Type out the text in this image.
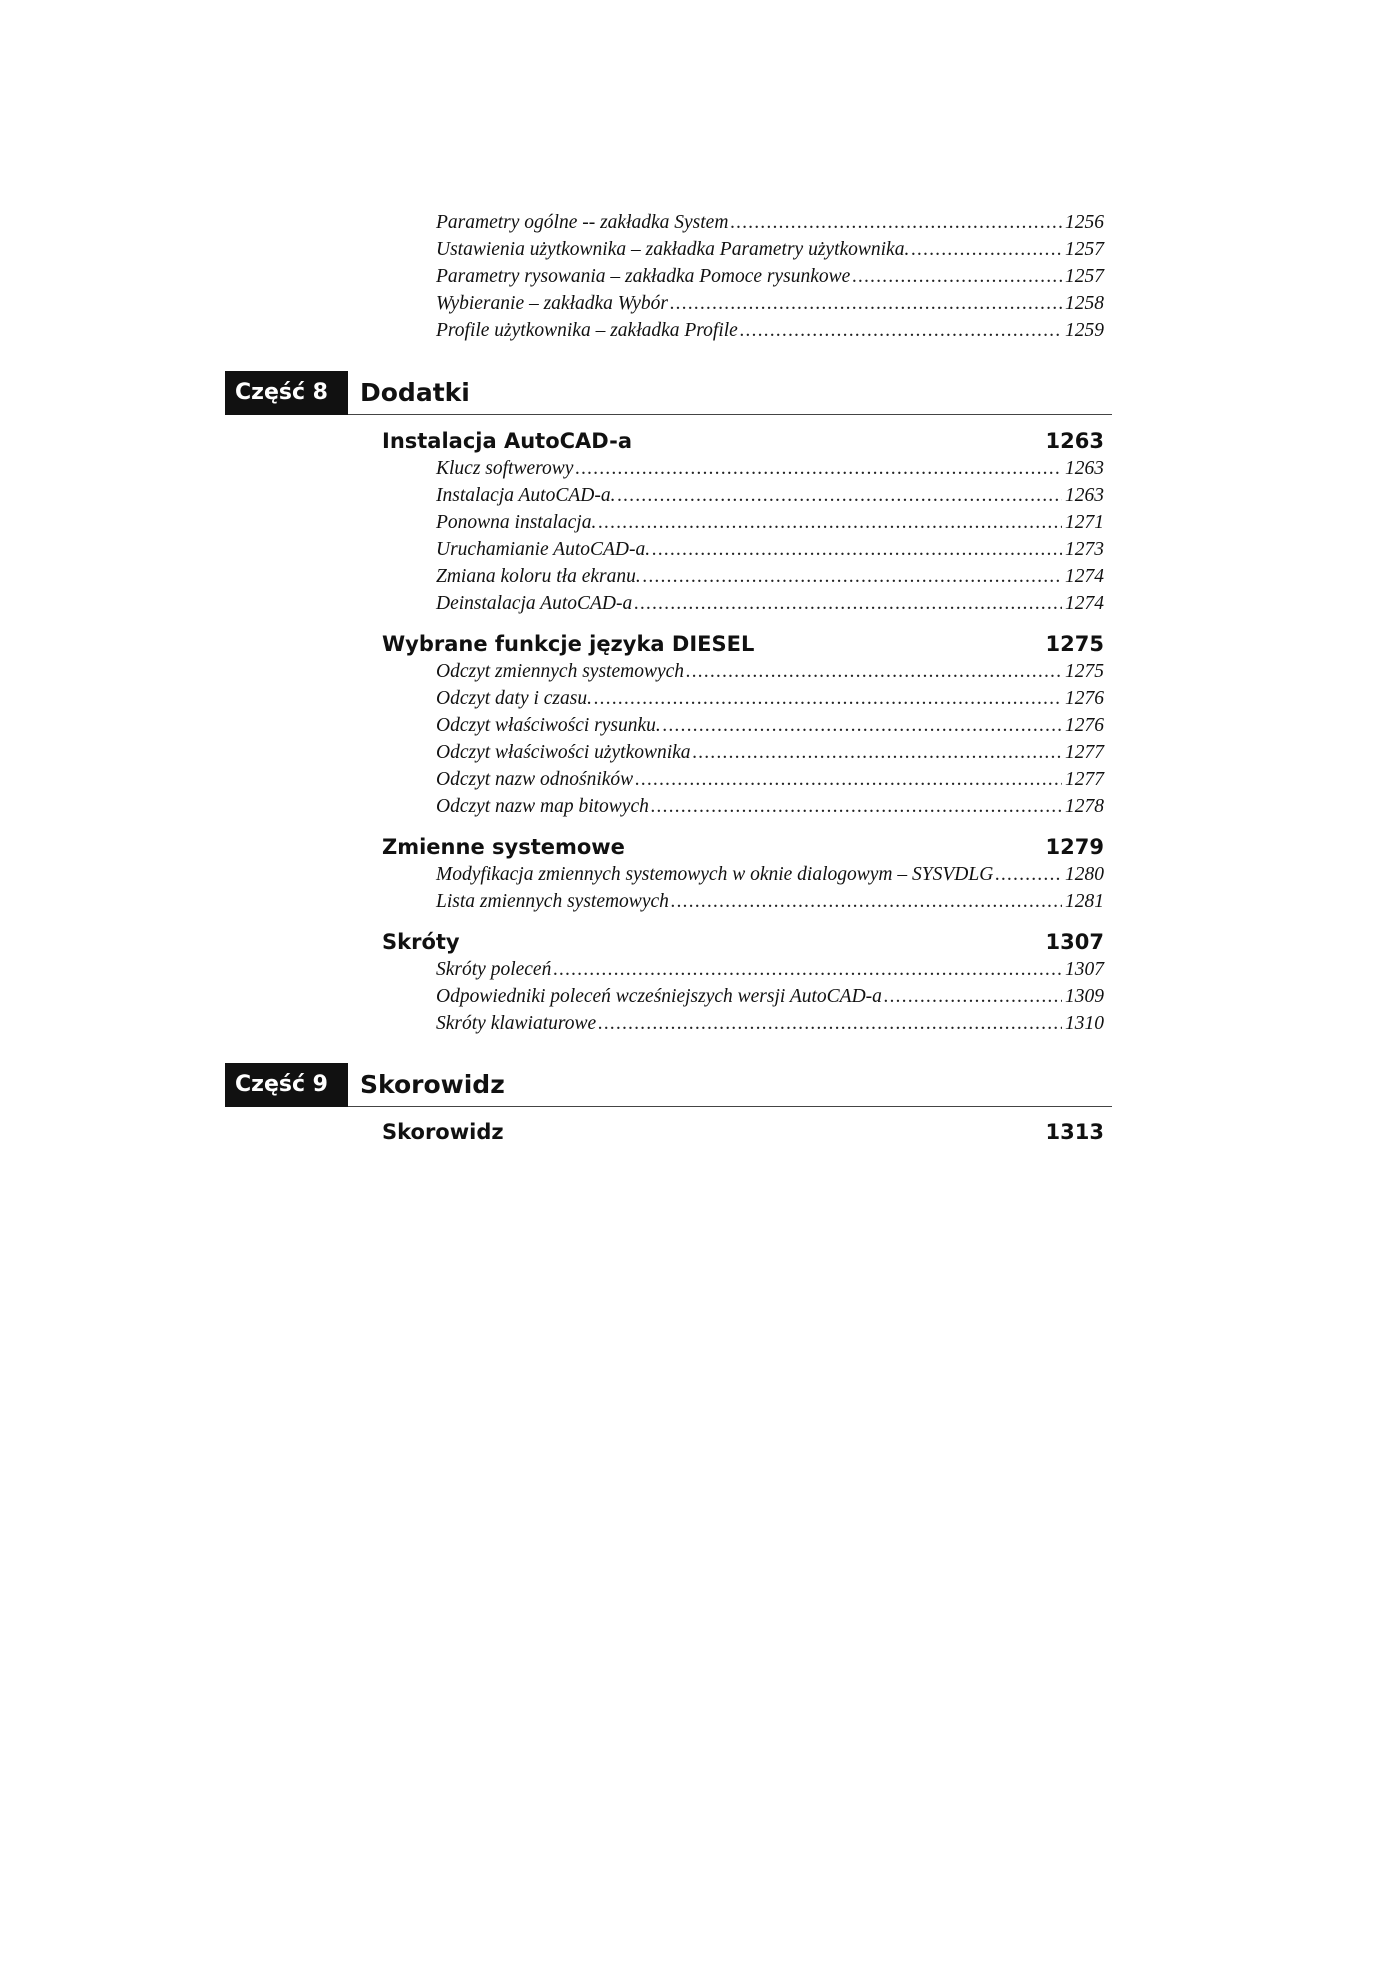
Parametry ogólne -- zakładka System .....	1256
Ustawienia użytkownika – zakładka Parametry użytkownika. .....	1257
Parametry rysowania – zakładka Pomoce rysunkowe .....	1257
Wybieranie – zakładka Wybór .....	1258
Profile użytkownika – zakładka Profile .....	1259
Część 8	Dodatki
Instalacja AutoCAD-a	1263
Klucz softwerowy .....	1263
Instalacja AutoCAD-a. .....	1263
Ponowna instalacja. .....	1271
Uruchamianie AutoCAD-a. .....	1273
Zmiana koloru tła ekranu. .....	1274
Deinstalacja AutoCAD-a .....	1274
Wybrane funkcje języka DIESEL	1275
Odczyt zmiennych systemowych .....	1275
Odczyt daty i czasu. .....	1276
Odczyt właściwości rysunku. .....	1276
Odczyt właściwości użytkownika .....	1277
Odczyt nazw odnośników .....	1277
Odczyt nazw map bitowych .....	1278
Zmienne systemowe	1279
Modyfikacja zmiennych systemowych w oknie dialogowym – SYSVDLG .....	1280
Lista zmiennych systemowych .....	1281
Skróty	1307
Skróty poleceń .....	1307
Odpowiedniki poleceń wcześniejszych wersji AutoCAD-a .....	1309
Skróty klawiaturowe .....	1310
Część 9	Skorowidz
Skorowidz	1313
